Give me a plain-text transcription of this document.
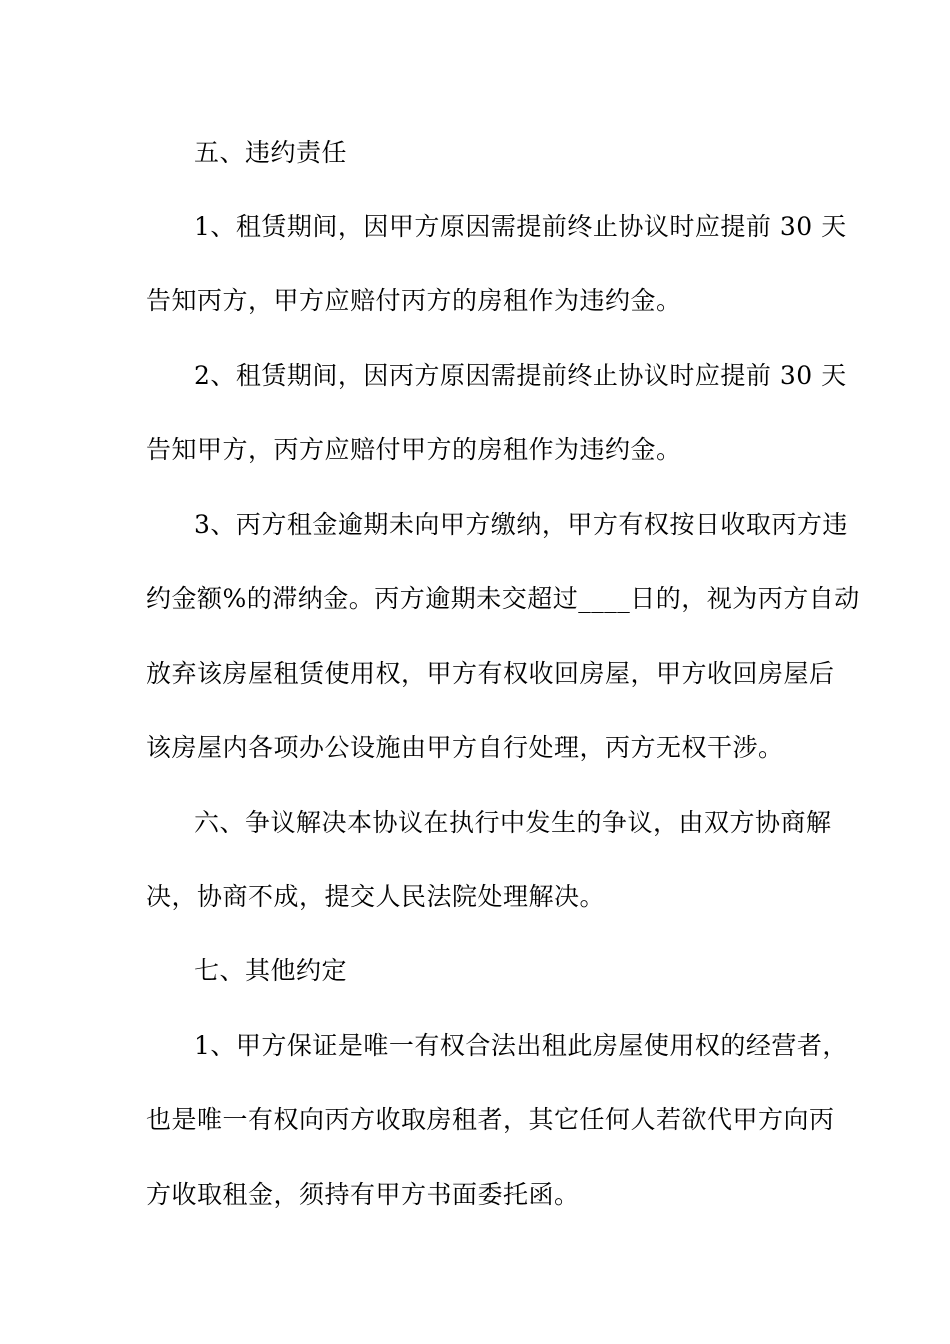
五、违约责任
1、租赁期间，因甲方原因需提前终止协议时应提前 30 天
告知丙方，甲方应赔付丙方的房租作为违约金。
2、租赁期间，因丙方原因需提前终止协议时应提前 30 天
告知甲方，丙方应赔付甲方的房租作为违约金。
3、丙方租金逾期未向甲方缴纳，甲方有权按日收取丙方违
约金额%的滞纳金。丙方逾期未交超过____日的，视为丙方自动
放弃该房屋租赁使用权，甲方有权收回房屋，甲方收回房屋后
该房屋内各项办公设施由甲方自行处理，丙方无权干涉。
六、争议解决本协议在执行中发生的争议，由双方协商解
决，协商不成，提交人民法院处理解决。
七、其他约定
1、甲方保证是唯一有权合法出租此房屋使用权的经营者，
也是唯一有权向丙方收取房租者，其它任何人若欲代甲方向丙
方收取租金，须持有甲方书面委托函。
